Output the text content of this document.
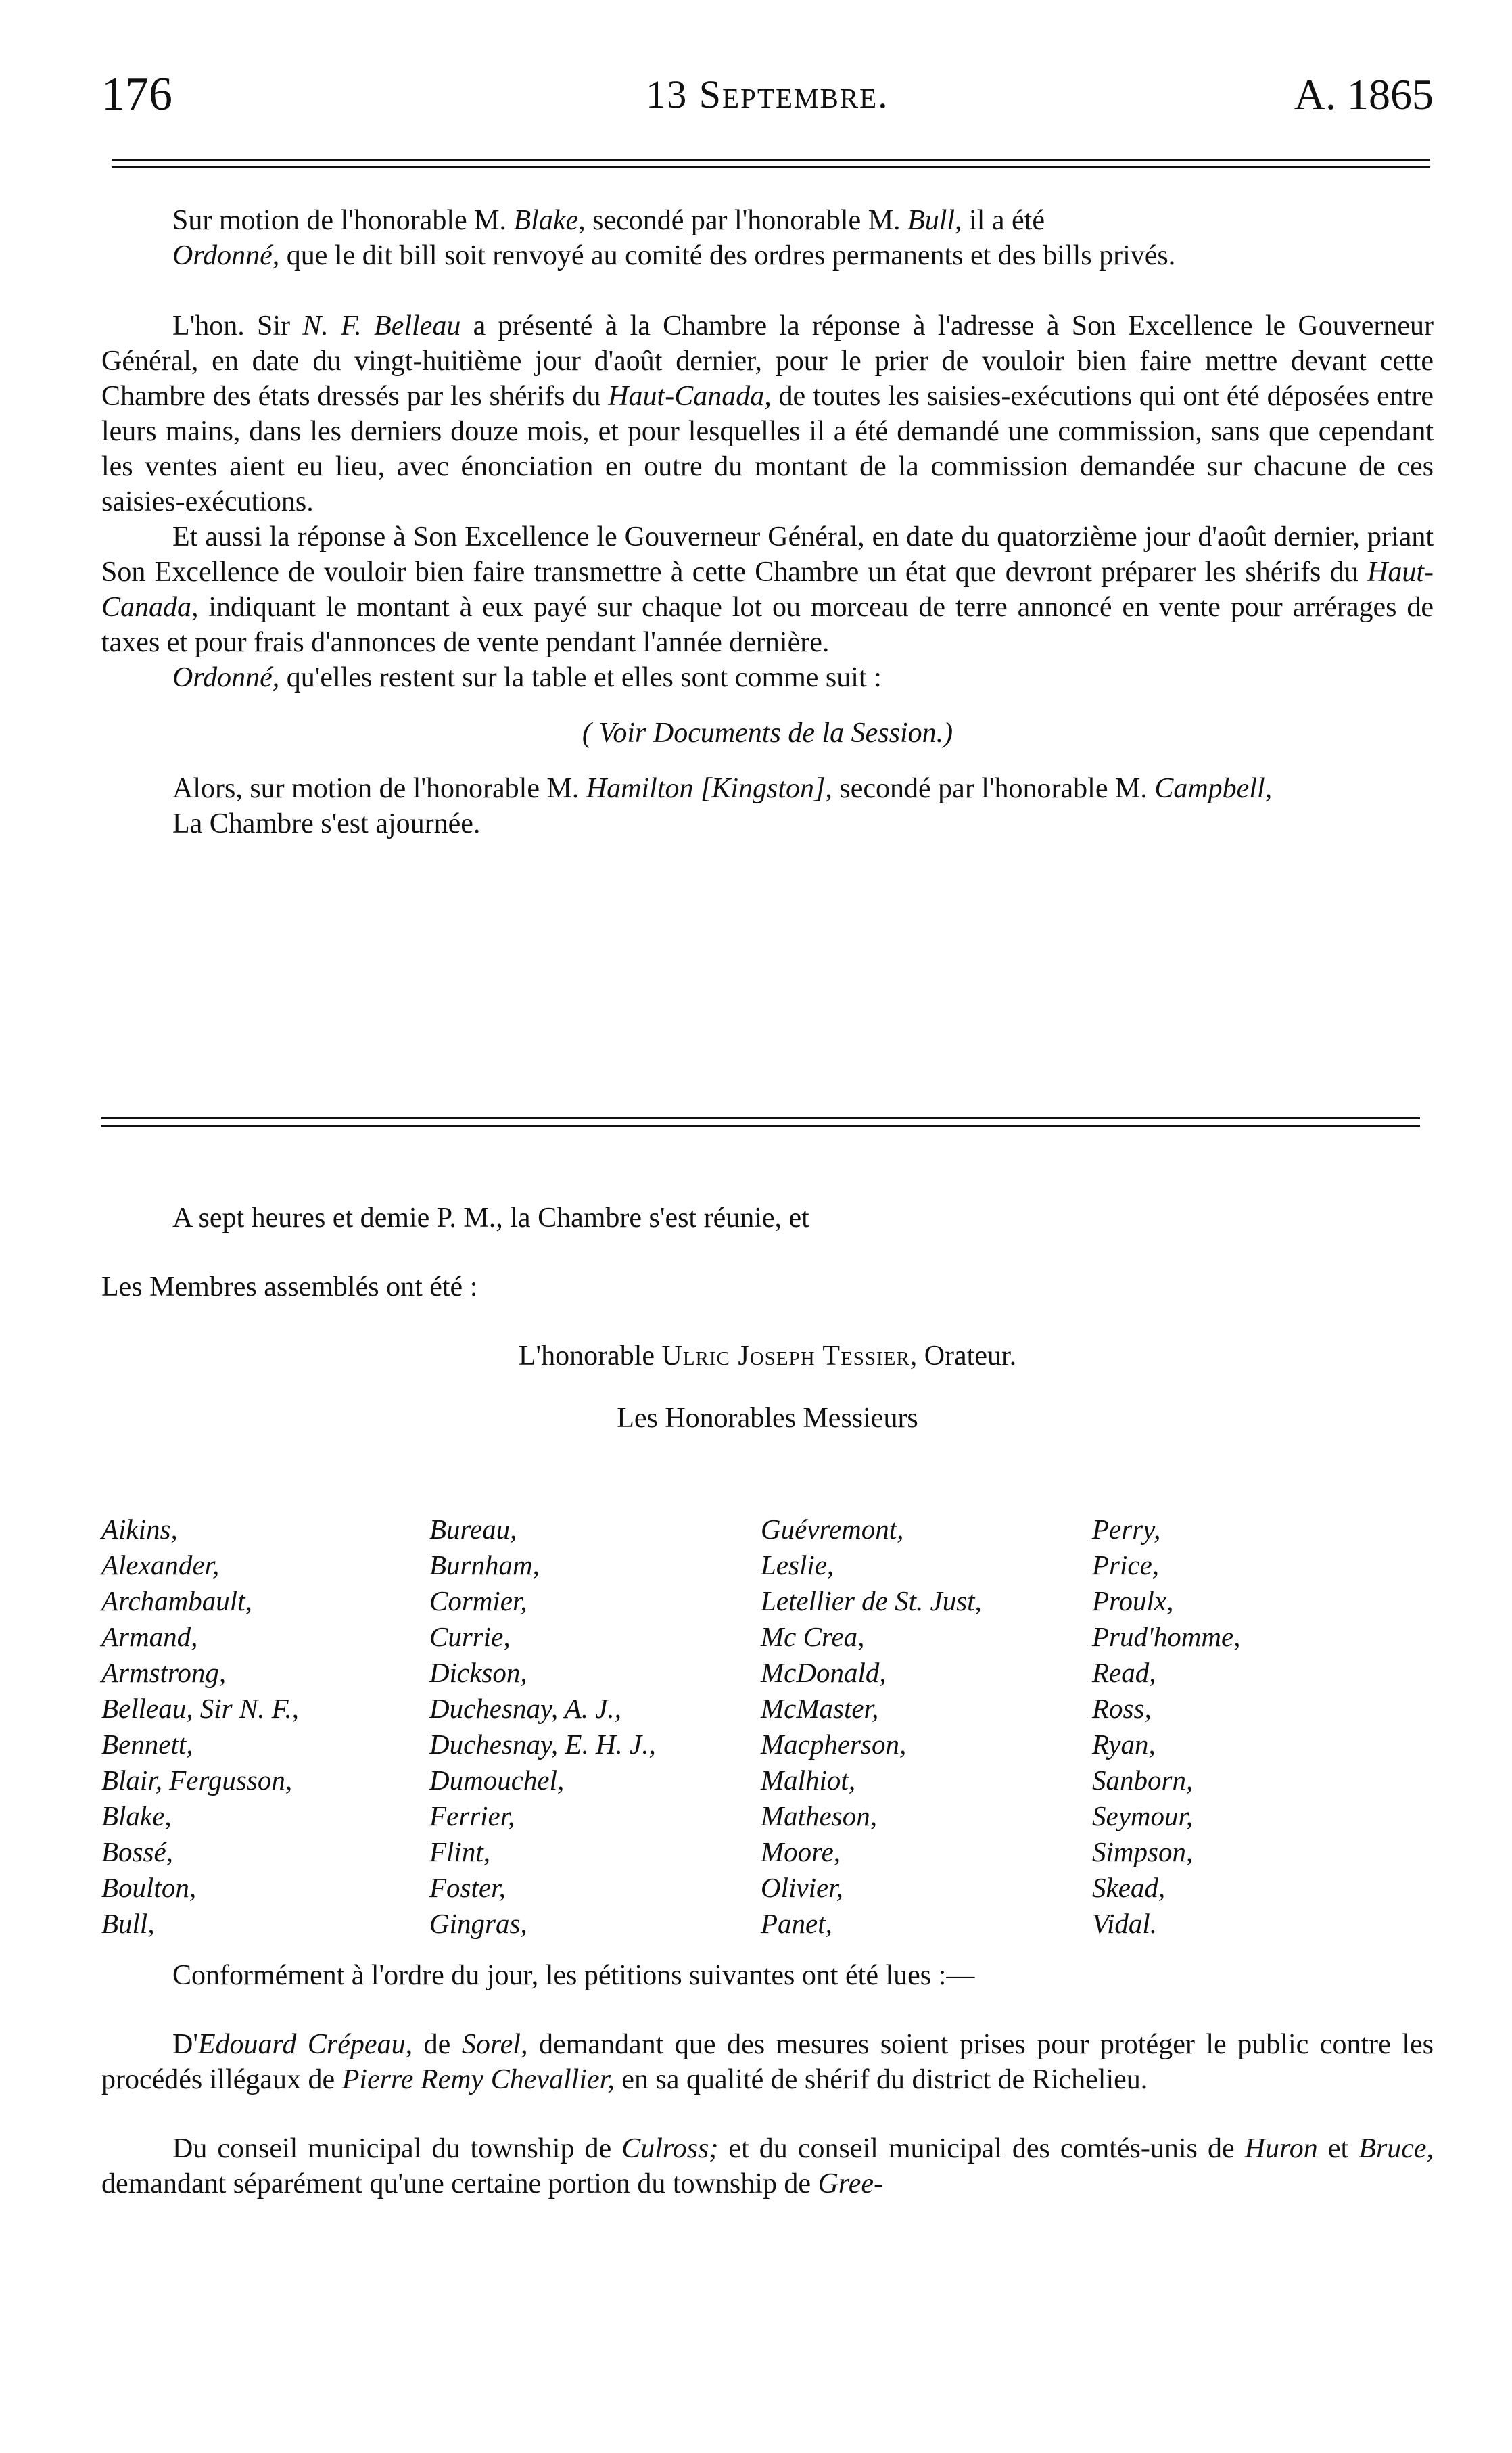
176	13 Septembre.	A. 1865

Sur motion de l'honorable M. Blake, secondé par l'honorable M. Bull, il a été

Ordonné, que le dit bill soit renvoyé au comité des ordres permanents et des bills privés.

L'hon. Sir N. F. Belleau a présenté à la Chambre la réponse à l'adresse à Son Excellence le Gouverneur Général, en date du vingt-huitième jour d'août dernier, pour le prier de vouloir bien faire mettre devant cette Chambre des états dressés par les shérifs du Haut-Canada, de toutes les saisies-exécutions qui ont été déposées entre leurs mains, dans les derniers douze mois, et pour lesquelles il a été demandé une commission, sans que cependant les ventes aient eu lieu, avec énonciation en outre du montant de la commission demandée sur chacune de ces saisies-exécutions.

Et aussi la réponse à Son Excellence le Gouverneur Général, en date du quatorzième jour d'août dernier, priant Son Excellence de vouloir bien faire transmettre à cette Chambre un état que devront préparer les shérifs du Haut-Canada, indiquant le montant à eux payé sur chaque lot ou morceau de terre annoncé en vente pour arrérages de taxes et pour frais d'annonces de vente pendant l'année dernière.

Ordonné, qu'elles restent sur la table et elles sont comme suit :

( Voir Documents de la Session.)

Alors, sur motion de l'honorable M. Hamilton [Kingston], secondé par l'honorable M. Campbell,

La Chambre s'est ajournée.

A sept heures et demie P. M., la Chambre s'est réunie, et

Les Membres assemblés ont été :

L'honorable Ulric Joseph Tessier, Orateur.

Les Honorables Messieurs

Aikins,
Alexander,
Archambault,
Armand,
Armstrong,
Belleau, Sir N. F.,
Bennett,
Blair, Fergusson,
Blake,
Bossé,
Boulton,
Bull,
Bureau,
Burnham,
Cormier,
Currie,
Dickson,
Duchesnay, A. J.,
Duchesnay, E. H. J.,
Dumouchel,
Ferrier,
Flint,
Foster,
Gingras,
Guévremont,
Leslie,
Letellier de St. Just,
Mc Crea,
McDonald,
McMaster,
Macpherson,
Malhiot,
Matheson,
Moore,
Olivier,
Panet,
Perry,
Price,
Proulx,
Prud'homme,
Read,
Ross,
Ryan,
Sanborn,
Seymour,
Simpson,
Skead,
Vidal.

Conformément à l'ordre du jour, les pétitions suivantes ont été lues :—

D'Edouard Crépeau, de Sorel, demandant que des mesures soient prises pour protéger le public contre les procédés illégaux de Pierre Remy Chevallier, en sa qualité de shérif du district de Richelieu.

Du conseil municipal du township de Culross; et du conseil municipal des comtés-unis de Huron et Bruce, demandant séparément qu'une certaine portion du township de Gree-
